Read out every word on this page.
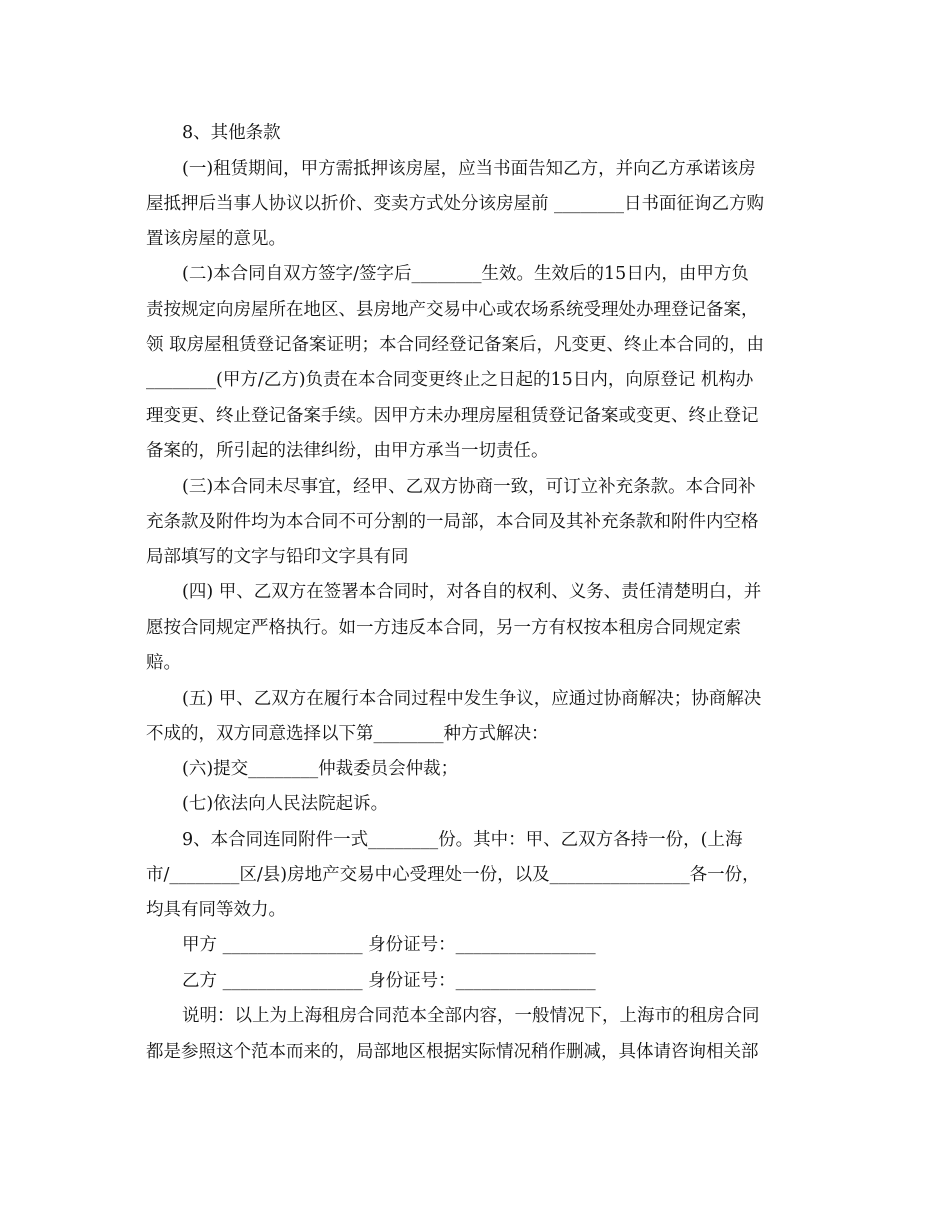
8、其他条款
(一)租赁期间，甲方需抵押该房屋，应当书面告知乙方，并向乙方承诺该房
屋抵押后当事人协议以折价、变卖方式处分该房屋前 ________日书面征询乙方购
置该房屋的意见。
(二)本合同自双方签字/签字后________生效。生效后的15日内，由甲方负
责按规定向房屋所在地区、县房地产交易中心或农场系统受理处办理登记备案，
领 取房屋租赁登记备案证明；本合同经登记备案后，凡变更、终止本合同的，由
________(甲方/乙方)负责在本合同变更终止之日起的15日内，向原登记 机构办
理变更、终止登记备案手续。因甲方未办理房屋租赁登记备案或变更、终止登记
备案的，所引起的法律纠纷，由甲方承当一切责任。
(三)本合同未尽事宜，经甲、乙双方协商一致，可订立补充条款。本合同补
充条款及附件均为本合同不可分割的一局部，本合同及其补充条款和附件内空格
局部填写的文字与铅印文字具有同
(四) 甲、乙双方在签署本合同时，对各自的权利、义务、责任清楚明白，并
愿按合同规定严格执行。如一方违反本合同，另一方有权按本租房合同规定索
赔。
(五) 甲、乙双方在履行本合同过程中发生争议，应通过协商解决；协商解决
不成的，双方同意选择以下第________种方式解决：
(六)提交________仲裁委员会仲裁；
(七)依法向人民法院起诉。
9、本合同连同附件一式________份。其中：甲、乙双方各持一份，(上海
市/________区/县)房地产交易中心受理处一份，以及________________各一份，
均具有同等效力。
甲方 ________________ 身份证号：________________
乙方 ________________ 身份证号：________________
说明：以上为上海租房合同范本全部内容，一般情况下，上海市的租房合同
都是参照这个范本而来的，局部地区根据实际情况稍作删减，具体请咨询相关部
